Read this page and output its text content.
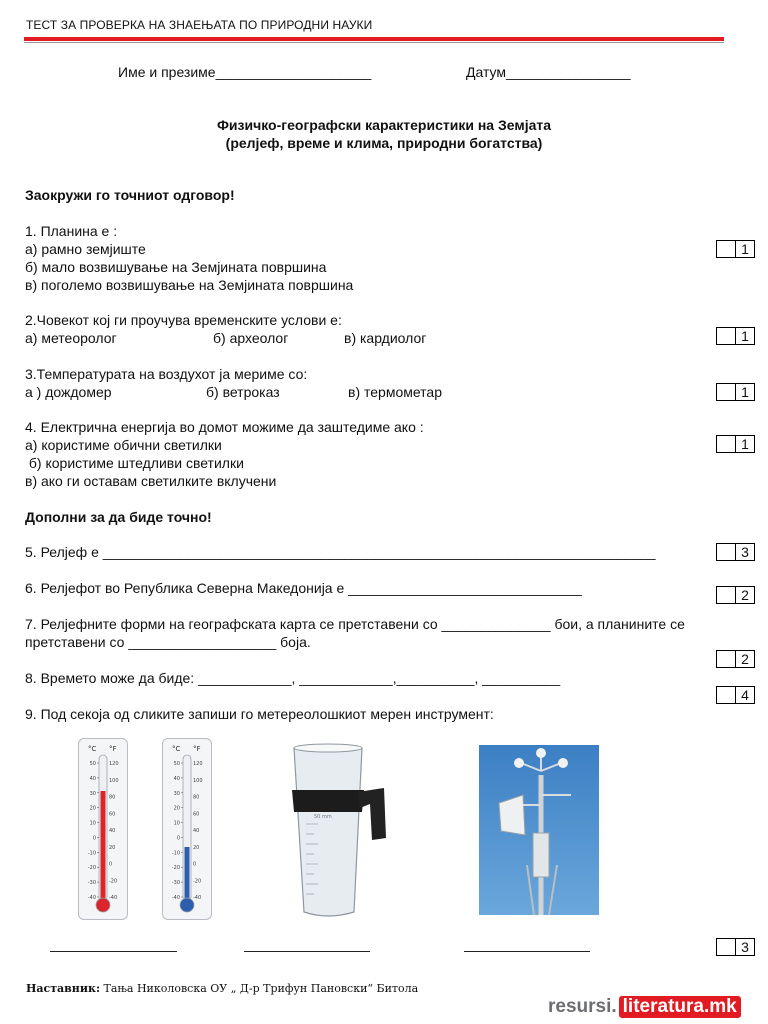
ТЕСТ ЗА ПРОВЕРКА НА ЗНАЕЊАТА ПО ПРИРОДНИ НАУКИ
Име и презиме____________________	Датум________________
Физичко-географски карактеристики на Земјата
(релјеф, време и клима, природни богатства)
Заокружи го точниот одговор!
1. Планина е :
а) рамно земјиште
б) мало возвишување на Земјината површина
в) поголемо возвишување на Земјината површина
1
2.Човекот кој ги проучува временските услови е:
а) метеоролог	б) археолог	в) кардиолог	1
3.Температурата на воздухот ја мериме со:
а ) дождомер	б) ветроказ	в) термометар	1
4. Електрична енергија во домот можиме да заштедиме ако :
а) користиме обични светилки
б) користиме штедливи светилки
в) ако ги оставам светилките вклучени
1
Дополни за да биде точно!
5. Релјеф е _______________________________________________________________________	3
6. Релјефот во Република Северна Македонија е ______________________________	2
7. Релјефните форми на географската карта се претставени со ______________ бои, а планините се
претставени со ___________________ боја.
2
8. Времето може да биде: ____________, ____________,__________, __________
4
9. Под секоја од сликите запиши го метереолошкиот мерен инструмент:
°C °F
50
40
30
20
10
0
-10
-20
-30
-40
120
100
80
60
40
20
0
-20
-40
°C °F
50
40
30
20
10
0
-10
-20
-30
-40
120
100
80
60
40
20
0
-20
-40
50 mm
3
Наставник: Тања Николовска ОУ „ Д-р Трифун Пановски“ Битола
resursi. literatura.mk
